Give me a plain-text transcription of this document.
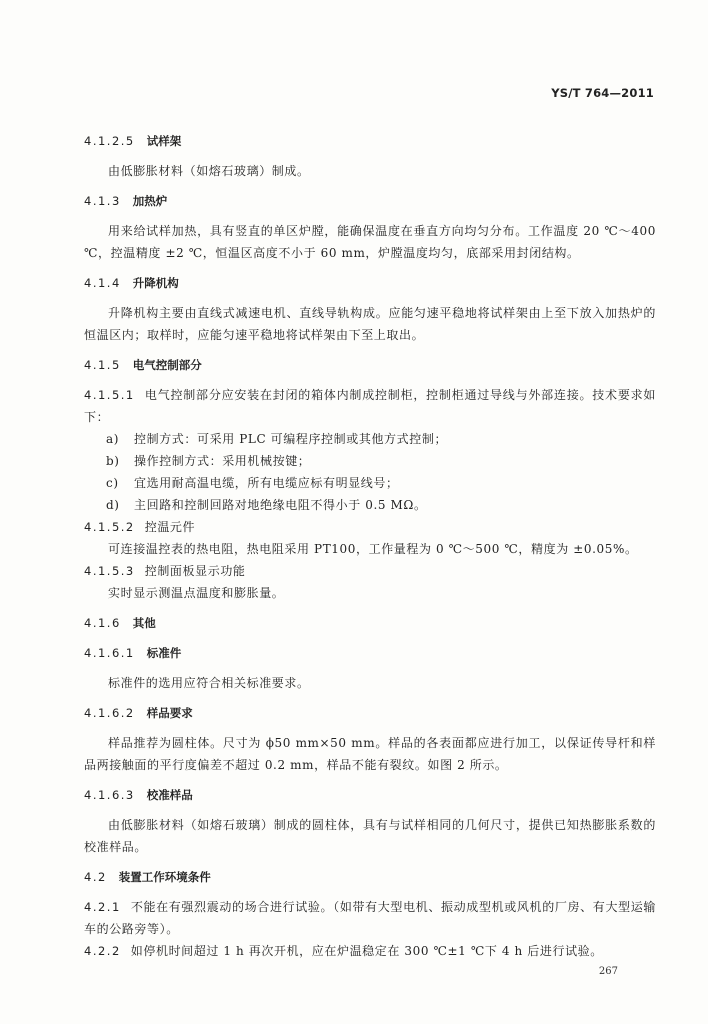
YS/T 764—2011

4.1.2.5 试样架

由低膨胀材料（如熔石玻璃）制成。

4.1.3 加热炉

用来给试样加热，具有竖直的单区炉膛，能确保温度在垂直方向均匀分布。工作温度 20 ℃～400 ℃，控温精度 ±2 ℃，恒温区高度不小于 60 mm，炉膛温度均匀，底部采用封闭结构。

4.1.4 升降机构

升降机构主要由直线式减速电机、直线导轨构成。应能匀速平稳地将试样架由上至下放入加热炉的恒温区内；取样时，应能匀速平稳地将试样架由下至上取出。

4.1.5 电气控制部分

4.1.5.1 电气控制部分应安装在封闭的箱体内制成控制柜，控制柜通过导线与外部连接。技术要求如下：

a) 控制方式：可采用 PLC 可编程序控制或其他方式控制；

b) 操作控制方式：采用机械按键；

c) 宜选用耐高温电缆，所有电缆应标有明显线号；

d) 主回路和控制回路对地绝缘电阻不得小于 0.5 MΩ。

4.1.5.2 控温元件

可连接温控表的热电阻，热电阻采用 PT100，工作量程为 0 ℃～500 ℃，精度为 ±0.05%。

4.1.5.3 控制面板显示功能

实时显示测温点温度和膨胀量。

4.1.6 其他

4.1.6.1 标准件

标准件的选用应符合相关标准要求。

4.1.6.2 样品要求

样品推荐为圆柱体。尺寸为 ϕ50 mm×50 mm。样品的各表面都应进行加工，以保证传导杆和样品两接触面的平行度偏差不超过 0.2 mm，样品不能有裂纹。如图 2 所示。

4.1.6.3 校准样品

由低膨胀材料（如熔石玻璃）制成的圆柱体，具有与试样相同的几何尺寸，提供已知热膨胀系数的校准样品。

4.2 装置工作环境条件

4.2.1 不能在有强烈震动的场合进行试验。（如带有大型电机、振动成型机或风机的厂房、有大型运输车的公路旁等）。

4.2.2 如停机时间超过 1 h 再次开机，应在炉温稳定在 300 ℃±1 ℃下 4 h 后进行试验。

267
